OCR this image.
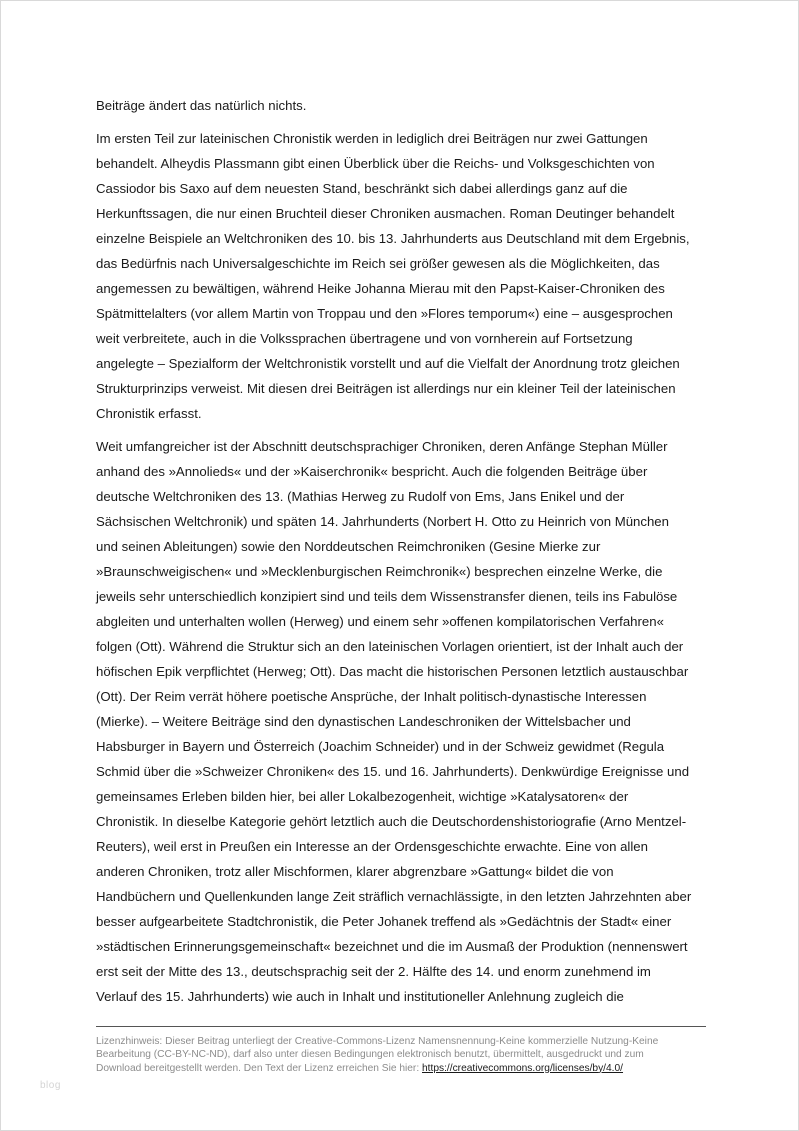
Beiträge ändert das natürlich nichts.

Im ersten Teil zur lateinischen Chronistik werden in lediglich drei Beiträgen nur zwei Gattungen
behandelt. Alheydis Plassmann gibt einen Überblick über die Reichs- und Volksgeschichten von
Cassiodor bis Saxo auf dem neuesten Stand, beschränkt sich dabei allerdings ganz auf die
Herkunftssagen, die nur einen Bruchteil dieser Chroniken ausmachen. Roman Deutinger behandelt
einzelne Beispiele an Weltchroniken des 10. bis 13. Jahrhunderts aus Deutschland mit dem Ergebnis,
das Bedürfnis nach Universalgeschichte im Reich sei größer gewesen als die Möglichkeiten, das
angemessen zu bewältigen, während Heike Johanna Mierau mit den Papst-Kaiser-Chroniken des
Spätmittelalters (vor allem Martin von Troppau und den »Flores temporum«) eine – ausgesprochen
weit verbreitete, auch in die Volkssprachen übertragene und von vornherein auf Fortsetzung
angelegte – Spezialform der Weltchronistik vorstellt und auf die Vielfalt der Anordnung trotz gleichen
Strukturprinzips verweist. Mit diesen drei Beiträgen ist allerdings nur ein kleiner Teil der lateinischen
Chronistik erfasst.

Weit umfangreicher ist der Abschnitt deutschsprachiger Chroniken, deren Anfänge Stephan Müller
anhand des »Annolieds« und der »Kaiserchronik« bespricht. Auch die folgenden Beiträge über
deutsche Weltchroniken des 13. (Mathias Herweg zu Rudolf von Ems, Jans Enikel und der
Sächsischen Weltchronik) und späten 14. Jahrhunderts (Norbert H. Otto zu Heinrich von München
und seinen Ableitungen) sowie den Norddeutschen Reimchroniken (Gesine Mierke zur
»Braunschweigischen« und »Mecklenburgischen Reimchronik«) besprechen einzelne Werke, die
jeweils sehr unterschiedlich konzipiert sind und teils dem Wissenstransfer dienen, teils ins Fabulöse
abgleiten und unterhalten wollen (Herweg) und einem sehr »offenen kompilatorischen Verfahren«
folgen (Ott). Während die Struktur sich an den lateinischen Vorlagen orientiert, ist der Inhalt auch der
höfischen Epik verpflichtet (Herweg; Ott). Das macht die historischen Personen letztlich austauschbar
(Ott). Der Reim verrät höhere poetische Ansprüche, der Inhalt politisch-dynastische Interessen
(Mierke). – Weitere Beiträge sind den dynastischen Landeschroniken der Wittelsbacher und
Habsburger in Bayern und Österreich (Joachim Schneider) und in der Schweiz gewidmet (Regula
Schmid über die »Schweizer Chroniken« des 15. und 16. Jahrhunderts). Denkwürdige Ereignisse und
gemeinsames Erleben bilden hier, bei aller Lokalbezogenheit, wichtige »Katalysatoren« der
Chronistik. In dieselbe Kategorie gehört letztlich auch die Deutschordenshistoriografie (Arno Mentzel-
Reuters), weil erst in Preußen ein Interesse an der Ordensgeschichte erwachte. Eine von allen
anderen Chroniken, trotz aller Mischformen, klarer abgrenzbare »Gattung« bildet die von
Handbüchern und Quellenkunden lange Zeit sträflich vernachlässigte, in den letzten Jahrzehnten aber
besser aufgearbeitete Stadtchronistik, die Peter Johanek treffend als »Gedächtnis der Stadt« einer
»städtischen Erinnerungsgemeinschaft« bezeichnet und die im Ausmaß der Produktion (nennenswert
erst seit der Mitte des 13., deutschsprachig seit der 2. Hälfte des 14. und enorm zunehmend im
Verlauf des 15. Jahrhunderts) wie auch in Inhalt und institutioneller Anlehnung zugleich die

Lizenzhinweis: Dieser Beitrag unterliegt der Creative-Commons-Lizenz Namensnennung-Keine kommerzielle Nutzung-Keine
Bearbeitung (CC-BY-NC-ND), darf also unter diesen Bedingungen elektronisch benutzt, übermittelt, ausgedruckt und zum
Download bereitgestellt werden. Den Text der Lizenz erreichen Sie hier: https://creativecommons.org/licenses/by/4.0/
blog
